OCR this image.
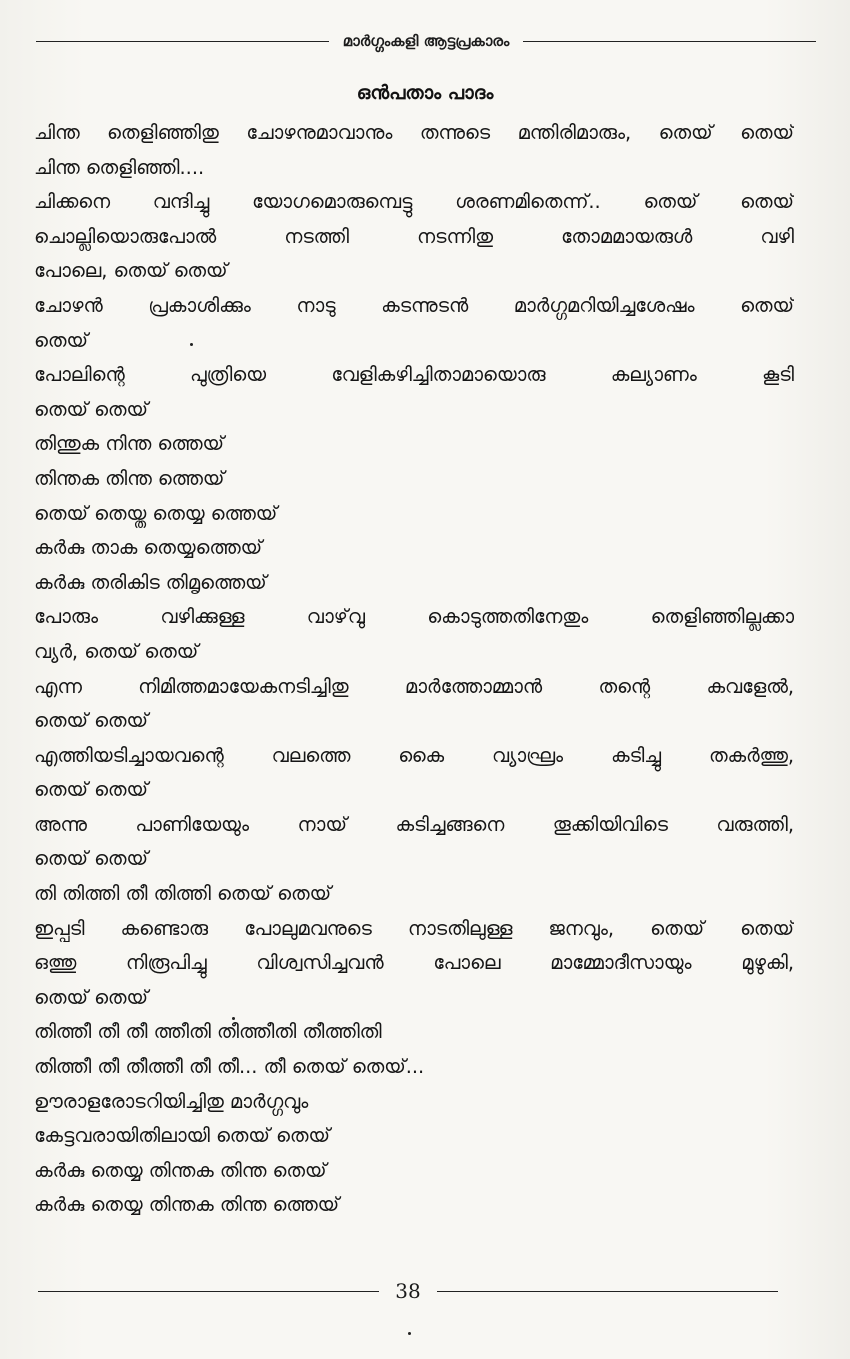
മാർഗ്ഗംകളി ആട്ടപ്രകാരം
ഒൻപതാം പാദം
ചിന്ത തെളിഞ്ഞിതു ചോഴനുമാവാനും തന്നുടെ മന്തിരിമാരും, തെയ് തെയ്
ചിന്ത തെളിഞ്ഞി....
ചിക്കനെ വന്ദിച്ചു യോഗമൊരുമ്പെട്ടു ശരണമിതെന്ന്.. തെയ് തെയ്
ചൊല്ലിയൊരുപോൽ നടത്തി നടന്നിതു തോമമായരുൾ വഴി
പോലെ, തെയ് തെയ്
ചോഴൻ പ്രകാശിക്കും നാടു കടന്നുടൻ മാർഗ്ഗമറിയിച്ചശേഷം തെയ്
തെയ്
പോലിന്റെ പുത്രിയെ വേളികഴിച്ചിതാമായൊരു കല്യാണം കൂടി
തെയ് തെയ്
തിന്തുക നിന്ത ത്തെയ്
തിന്തക തിന്ത ത്തെയ്
തെയ് തെയ്ത തെയ്യ ത്തെയ്
കർകു താക തെയ്യത്തെയ്
കർകു തരികിട തിമൃത്തെയ്
പോരും വഴിക്കുള്ള വാഴ്‌വു കൊടുത്തതിനേതും തെളിഞ്ഞില്ലക്കാ
വ്യർ, തെയ് തെയ്
എന്ന നിമിത്തമായേകനടിച്ചിതു മാർത്തോമ്മാൻ തന്റെ കവളേൽ,
തെയ് തെയ്
എത്തിയടിച്ചായവന്റെ വലത്തെ കൈ വ്യാഘ്രം കടിച്ചു തകർത്തു,
തെയ് തെയ്
അന്നു പാണിയേയും നായ് കടിച്ചങ്ങനെ തൂക്കിയിവിടെ വരുത്തി,
തെയ് തെയ്
തി തിത്തി തീ തിത്തി തെയ് തെയ്
ഇപ്പടി കണ്ടൊരു പോലുമവനുടെ നാടതിലുള്ള ജനവും, തെയ് തെയ്
ഒത്തു നിരൂപിച്ചു വിശ്വസിച്ചവൻ പോലെ മാമ്മോദീസായും മുഴുകി,
തെയ് തെയ്
തിത്തീ തീ തീ ത്തീതി തീത്തീതി തീത്തിതി
തിത്തീ തീ തീത്തീ തീ തീ... തീ തെയ് തെയ്...
ഊരാളരോടറിയിച്ചിതു മാർഗ്ഗവും
കേട്ടവരായിതിലായി തെയ് തെയ്
കർകു തെയ്യ തിന്തക തിന്ത തെയ്
കർകു തെയ്യ തിന്തക തിന്ത ത്തെയ്
38
